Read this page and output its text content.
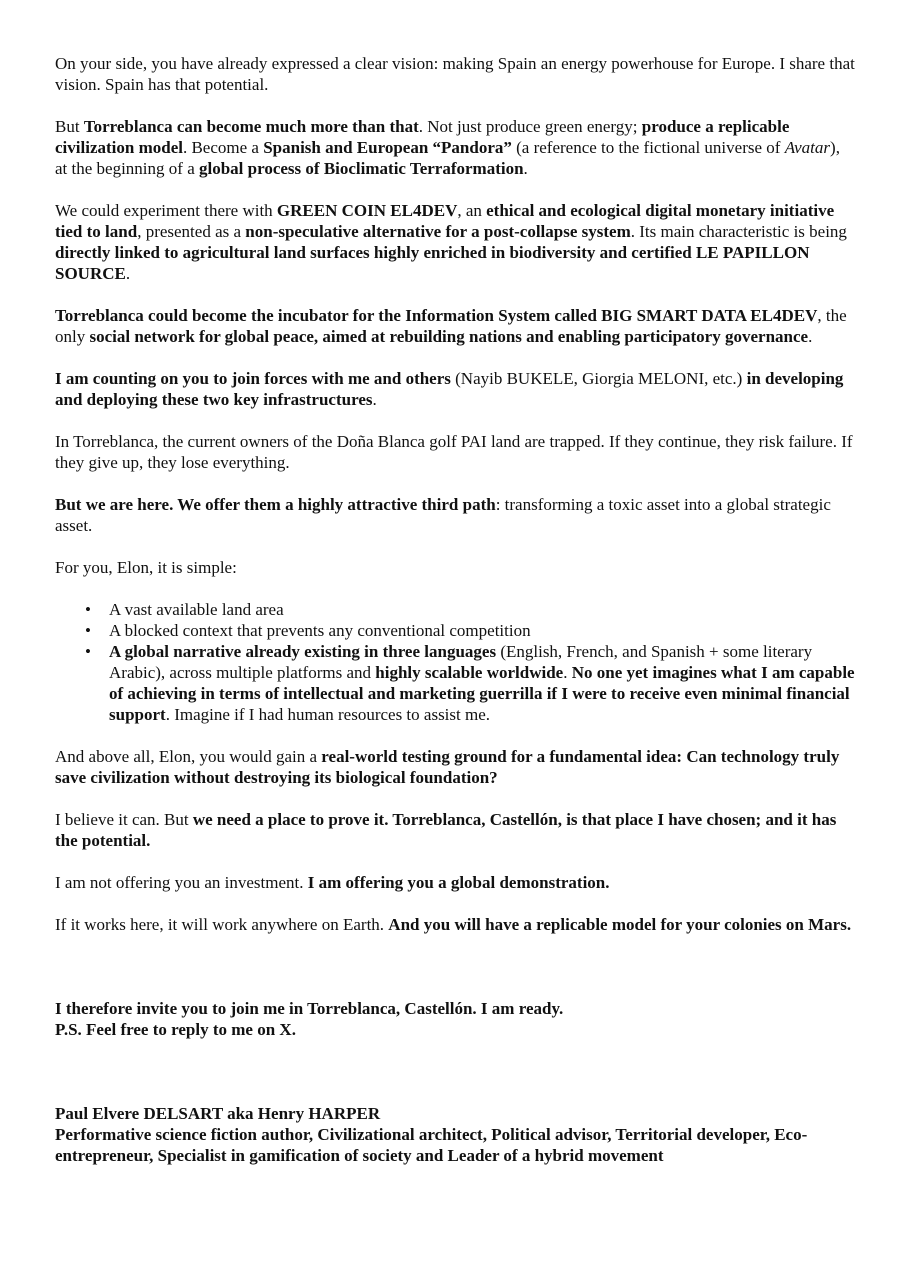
On your side, you have already expressed a clear vision: making Spain an energy powerhouse for Europe. I share that vision. Spain has that potential.

But Torreblanca can become much more than that. Not just produce green energy; produce a replicable civilization model. Become a Spanish and European “Pandora” (a reference to the fictional universe of Avatar), at the beginning of a global process of Bioclimatic Terraformation.

We could experiment there with GREEN COIN EL4DEV, an ethical and ecological digital monetary initiative tied to land, presented as a non-speculative alternative for a post-collapse system. Its main characteristic is being directly linked to agricultural land surfaces highly enriched in biodiversity and certified LE PAPILLON SOURCE.

Torreblanca could become the incubator for the Information System called BIG SMART DATA EL4DEV, the only social network for global peace, aimed at rebuilding nations and enabling participatory governance.

I am counting on you to join forces with me and others (Nayib BUKELE, Giorgia MELONI, etc.) in developing and deploying these two key infrastructures.

In Torreblanca, the current owners of the Doña Blanca golf PAI land are trapped. If they continue, they risk failure. If they give up, they lose everything.

But we are here. We offer them a highly attractive third path: transforming a toxic asset into a global strategic asset.

For you, Elon, it is simple:

• A vast available land area
• A blocked context that prevents any conventional competition
• A global narrative already existing in three languages (English, French, and Spanish + some literary Arabic), across multiple platforms and highly scalable worldwide. No one yet imagines what I am capable of achieving in terms of intellectual and marketing guerrilla if I were to receive even minimal financial support. Imagine if I had human resources to assist me.

And above all, Elon, you would gain a real-world testing ground for a fundamental idea: Can technology truly save civilization without destroying its biological foundation?

I believe it can. But we need a place to prove it. Torreblanca, Castellón, is that place I have chosen; and it has the potential.

I am not offering you an investment. I am offering you a global demonstration.

If it works here, it will work anywhere on Earth. And you will have a replicable model for your colonies on Mars.

I therefore invite you to join me in Torreblanca, Castellón. I am ready.

P.S. Feel free to reply to me on X.

Paul Elvere DELSART aka Henry HARPER

Performative science fiction author, Civilizational architect, Political advisor, Territorial developer, Eco-entrepreneur, Specialist in gamification of society and Leader of a hybrid movement
